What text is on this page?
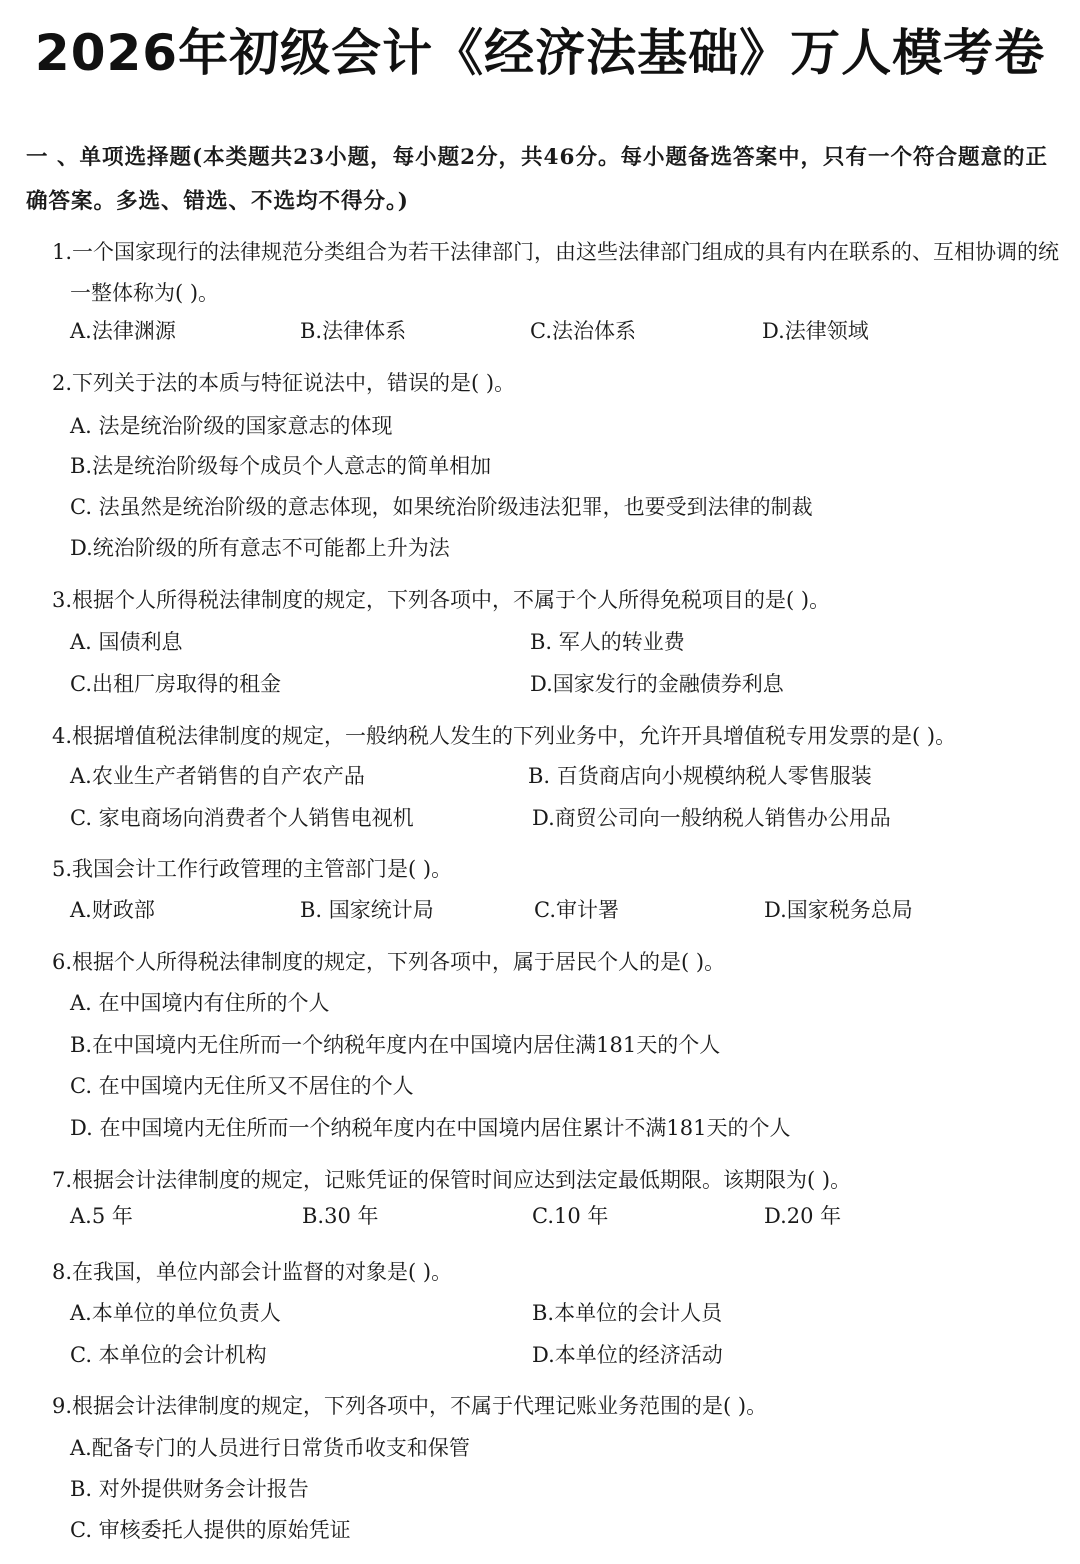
2026年初级会计《经济法基础》万人模考卷
一 、单项选择题(本类题共23小题，每小题2分，共46分。每小题备选答案中，只有一个符合题意的正确答案。多选、错选、不选均不得分。)
1.一个国家现行的法律规范分类组合为若干法律部门，由这些法律部门组成的具有内在联系的、互相协调的统一整体称为( )。
A.法律渊源	B.法律体系	C.法治体系	D.法律领域
2.下列关于法的本质与特征说法中，错误的是( )。
A. 法是统治阶级的国家意志的体现
B.法是统治阶级每个成员个人意志的简单相加
C. 法虽然是统治阶级的意志体现，如果统治阶级违法犯罪，也要受到法律的制裁
D.统治阶级的所有意志不可能都上升为法
3.根据个人所得税法律制度的规定，下列各项中，不属于个人所得免税项目的是( )。
A. 国债利息	B. 军人的转业费
C.出租厂房取得的租金	D.国家发行的金融债券利息
4.根据增值税法律制度的规定，一般纳税人发生的下列业务中，允许开具增值税专用发票的是( )。
A.农业生产者销售的自产农产品	B. 百货商店向小规模纳税人零售服装
C. 家电商场向消费者个人销售电视机	D.商贸公司向一般纳税人销售办公用品
5.我国会计工作行政管理的主管部门是( )。
A.财政部	B. 国家统计局	C.审计署	D.国家税务总局
6.根据个人所得税法律制度的规定，下列各项中，属于居民个人的是( )。
A. 在中国境内有住所的个人
B.在中国境内无住所而一个纳税年度内在中国境内居住满181天的个人
C. 在中国境内无住所又不居住的个人
D. 在中国境内无住所而一个纳税年度内在中国境内居住累计不满181天的个人
7.根据会计法律制度的规定，记账凭证的保管时间应达到法定最低期限。该期限为( )。
A.5 年	B.30 年	C.10 年	D.20 年
8.在我国，单位内部会计监督的对象是( )。
A.本单位的单位负责人	B.本单位的会计人员
C. 本单位的会计机构	D.本单位的经济活动
9.根据会计法律制度的规定，下列各项中，不属于代理记账业务范围的是( )。
A.配备专门的人员进行日常货币收支和保管
B. 对外提供财务会计报告
C. 审核委托人提供的原始凭证
